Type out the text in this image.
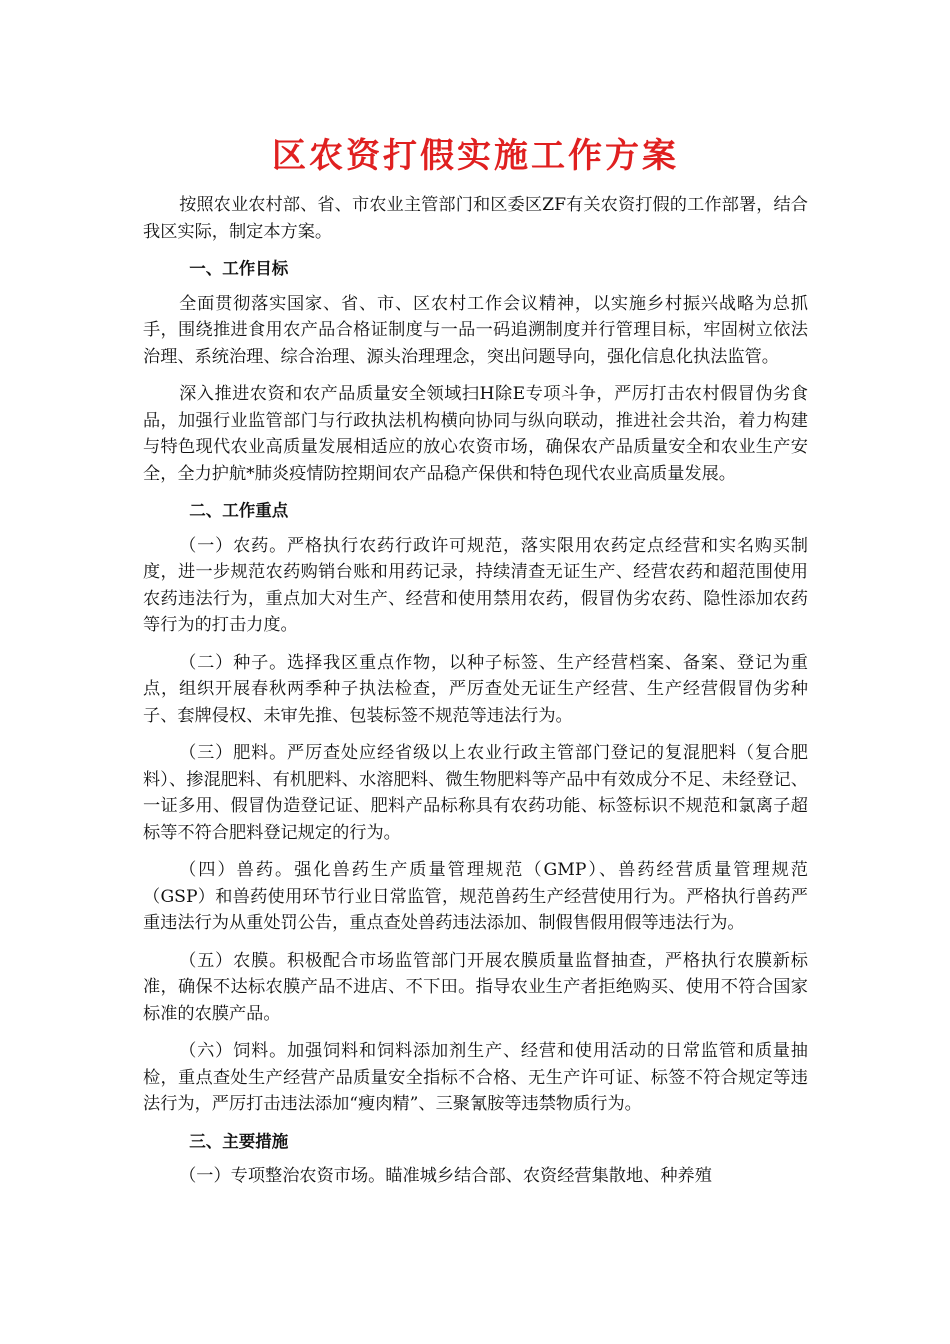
区农资打假实施工作方案

按照农业农村部、省、市农业主管部门和区委区ZF有关农资打假的工作部署，结合我区实际，制定本方案。

一、工作目标

全面贯彻落实国家、省、市、区农村工作会议精神，以实施乡村振兴战略为总抓手，围绕推进食用农产品合格证制度与一品一码追溯制度并行管理目标，牢固树立依法治理、系统治理、综合治理、源头治理理念，突出问题导向，强化信息化执法监管。

深入推进农资和农产品质量安全领域扫H除E专项斗争，严厉打击农村假冒伪劣食品，加强行业监管部门与行政执法机构横向协同与纵向联动，推进社会共治，着力构建与特色现代农业高质量发展相适应的放心农资市场，确保农产品质量安全和农业生产安全，全力护航*肺炎疫情防控期间农产品稳产保供和特色现代农业高质量发展。

二、工作重点

（一）农药。严格执行农药行政许可规范，落实限用农药定点经营和实名购买制度，进一步规范农药购销台账和用药记录，持续清查无证生产、经营农药和超范围使用农药违法行为，重点加大对生产、经营和使用禁用农药，假冒伪劣农药、隐性添加农药等行为的打击力度。

（二）种子。选择我区重点作物，以种子标签、生产经营档案、备案、登记为重点，组织开展春秋两季种子执法检查，严厉查处无证生产经营、生产经营假冒伪劣种子、套牌侵权、未审先推、包装标签不规范等违法行为。

（三）肥料。严厉查处应经省级以上农业行政主管部门登记的复混肥料（复合肥料）、掺混肥料、有机肥料、水溶肥料、微生物肥料等产品中有效成分不足、未经登记、一证多用、假冒伪造登记证、肥料产品标称具有农药功能、标签标识不规范和氯离子超标等不符合肥料登记规定的行为。

（四）兽药。强化兽药生产质量管理规范（GMP）、兽药经营质量管理规范（GSP）和兽药使用环节行业日常监管，规范兽药生产经营使用行为。严格执行兽药严重违法行为从重处罚公告，重点查处兽药违法添加、制假售假用假等违法行为。

（五）农膜。积极配合市场监管部门开展农膜质量监督抽查，严格执行农膜新标准，确保不达标农膜产品不进店、不下田。指导农业生产者拒绝购买、使用不符合国家标准的农膜产品。

（六）饲料。加强饲料和饲料添加剂生产、经营和使用活动的日常监管和质量抽检，重点查处生产经营产品质量安全指标不合格、无生产许可证、标签不符合规定等违法行为，严厉打击违法添加“瘦肉精”、三聚氰胺等违禁物质行为。

三、主要措施

（一）专项整治农资市场。瞄准城乡结合部、农资经营集散地、种养殖
